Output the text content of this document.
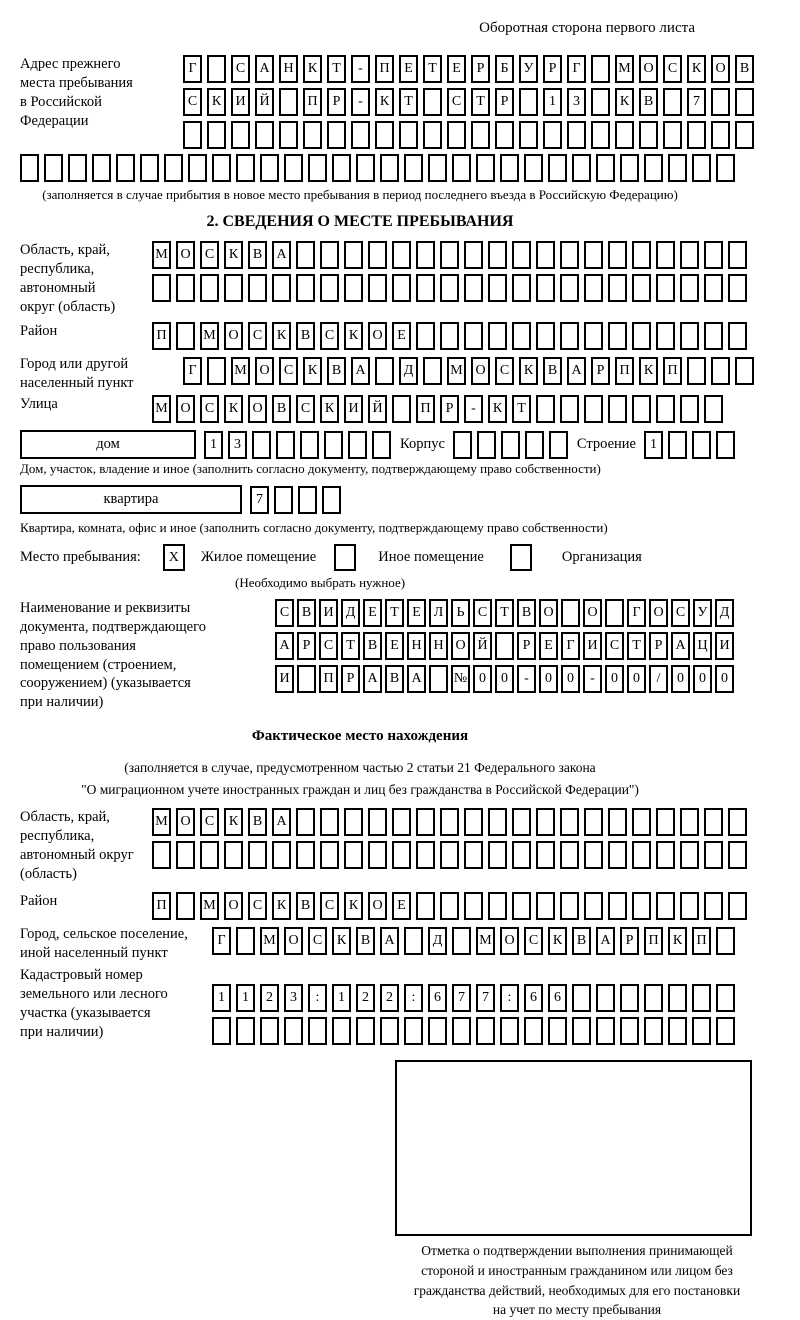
Оборотная сторона первого листа
Адрес прежнего
места пребывания
в Российской
Федерации
Г	С	А Н	К	Т	-	П	Е	Т	Е	Р	Б	У	Р	Г	М О	С	К	О	В
С	К	И Й	П	Р	-	К	Т	С	Т	Р	1	3	К	В	7
(заполняется в случае прибытия в новое место пребывания в период последнего въезда в Российскую Федерацию)
2. СВЕДЕНИЯ О МЕСТЕ ПРЕБЫВАНИЯ
Область, край,
республика,
автономный
округ (область)
М О	С	К	В	А
Район	П	М О	С	К	В	С	К	О	Е
Город или другой
населенный пункт
Г	М О	С	К	В	А	Д	М О	С	К	В	А	Р	П	К	П
Улица	М О	С	К	О	В	С	К	И Й	П	Р	-	К	Т
дом	1	3	Корпус	Строение	1
Дом, участок, владение и иное (заполнить согласно документу, подтверждающему право собственности)
квартира	7
Квартира, комната, офис и иное (заполнить согласно документу, подтверждающему право собственности)
Место пребывания:	X	Жилое помещение	Иное помещение	Организация
(Необходимо выбрать нужное)
Наименование и реквизиты
документа, подтверждающего
право пользования
помещением (строением,
сооружением) (указывается
при наличии)
С В И Д Е Т Е Л Ь С Т В О	О	Г О С У Д
А Р С Т В Е Н Н О Й	Р Е Г И С Т Р А Ц И
И	П Р А В А	№ 0	0	-	0	0	-	0	0	/	0	0	0
Фактическое место нахождения
(заполняется в случае, предусмотренном частью 2 статьи 21 Федерального закона
"О миграционном учете иностранных граждан и лиц без гражданства в Российской Федерации")
Область, край,
республика,
автономный округ
(область)
М О	С	К	В	А
Район	П	М О	С	К	В	С	К	О	Е
Город, сельское поселение,
иной населенный пункт
Г	М О	С	К	В	А	Д	М О	С	К	В	А	Р	П	К	П
Кадастровый номер
земельного или лесного
участка (указывается
при наличии)
1	1	2	3	:	1	2	2	:	6	7	7	:	6	6
Отметка о подтверждении выполнения принимающей
стороной и иностранным гражданином или лицом без
гражданства действий, необходимых для его постановки
на учет по месту пребывания
